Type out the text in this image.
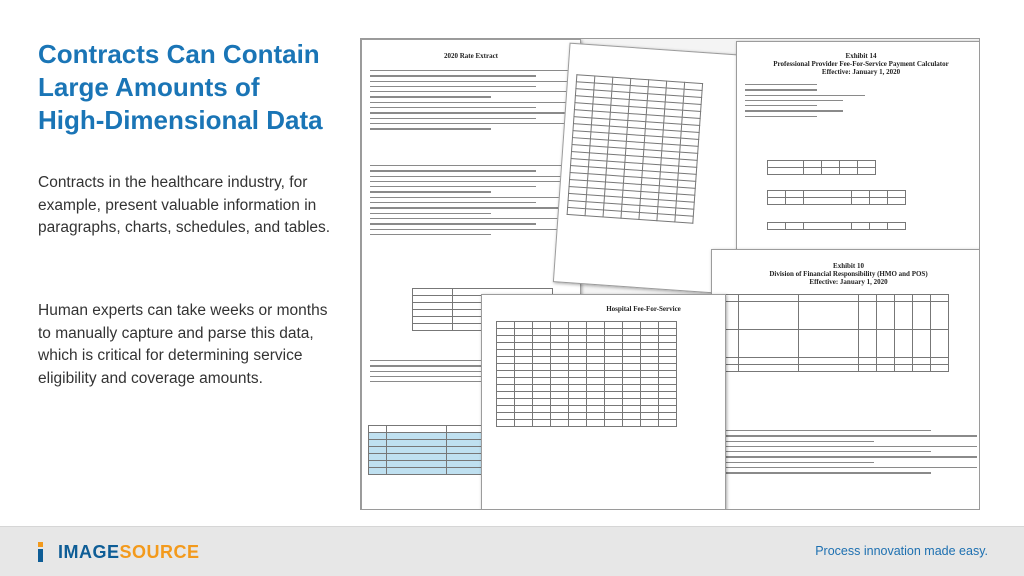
Contracts Can Contain
Large Amounts of
High-Dimensional Data

Contracts in the healthcare industry, for example, present valuable information in paragraphs, charts, schedules, and tables.

Human experts can take weeks or months to manually capture and parse this data, which is critical for determining service eligibility and coverage amounts.

2020 Rate Extract

							Exhibit 14
Professional Provider Fee-For-Service Payment Calculator
Effective: January 1, 2020

Exhibit 10
Division of Financial Responsibility (HMO and POS)
Effective: January 1, 2020

Hospital Fee-For-Service

IMAGESOURCE	Process innovation made easy.
